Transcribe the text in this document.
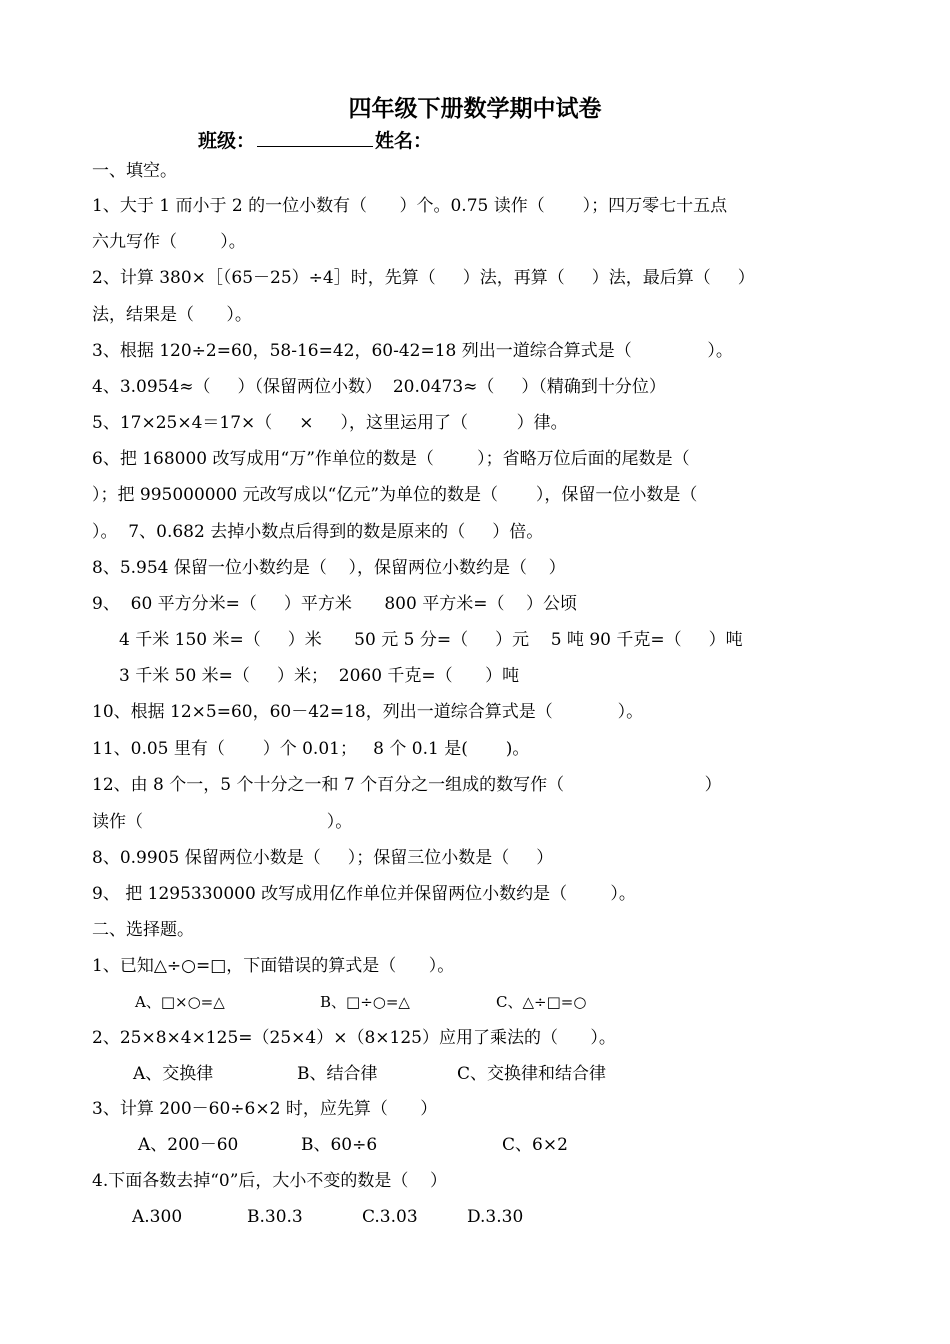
四年级下册数学期中试卷
班级：	姓名：
一、填空。
1、大于 1 而小于 2 的一位小数有（      ）个。0.75 读作（       ）；四万零七十五点
六九写作（        ）。
2、计算 380×［（65－25）÷4］时，先算（     ）法，再算（     ）法，最后算（     ）
法，结果是（      ）。
3、根据 120÷2=60，58-16=42，60-42=18 列出一道综合算式是（              ）。
4、3.0954≈（     ）（保留两位小数）  20.0473≈（     ）（精确到十分位）
5、17×25×4＝17×（     ×     ），这里运用了（         ）律。
6、把 168000 改写成用“万”作单位的数是（        ）；省略万位后面的尾数是（
）；把 995000000 元改写成以“亿元”为单位的数是（       ），保留一位小数是（
）。  7、0.682 去掉小数点后得到的数是原来的（     ）倍。
8、5.954 保留一位小数约是（    ），保留两位小数约是（    ）
9、  60 平方分米=（     ）平方米      800 平方米=（    ）公顷
4 千米 150 米=（     ）米      50 元 5 分=（     ）元    5 吨 90 千克=（     ）吨
3 千米 50 米=（     ）米；  2060 千克=（      ）吨
10、根据 12×5=60，60－42=18，列出一道综合算式是（            ）。
11、0.05 里有（       ）个 0.01；   8 个 0.1 是(       )。
12、由 8 个一，5 个十分之一和 7 个百分之一组成的数写作（                          ）
读作（                                  ）。
8、0.9905 保留两位小数是（     ）；保留三位小数是（     ）
9、 把 1295330000 改写成用亿作单位并保留两位小数约是（        ）。
二、选择题。
1、已知△÷○=□，下面错误的算式是（      ）。
A、□×○=△	B、□÷○=△	C、△÷□=○
2、25×8×4×125=（25×4）×（8×125）应用了乘法的（      ）。
A、交换律	B、结合律	C、交换律和结合律
3、计算 200－60÷6×2 时，应先算（      ）
A、200－60	B、60÷6	C、6×2
4.下面各数去掉“0”后，大小不变的数是（    ）
A.300	B.30.3	C.3.03	D.3.30
